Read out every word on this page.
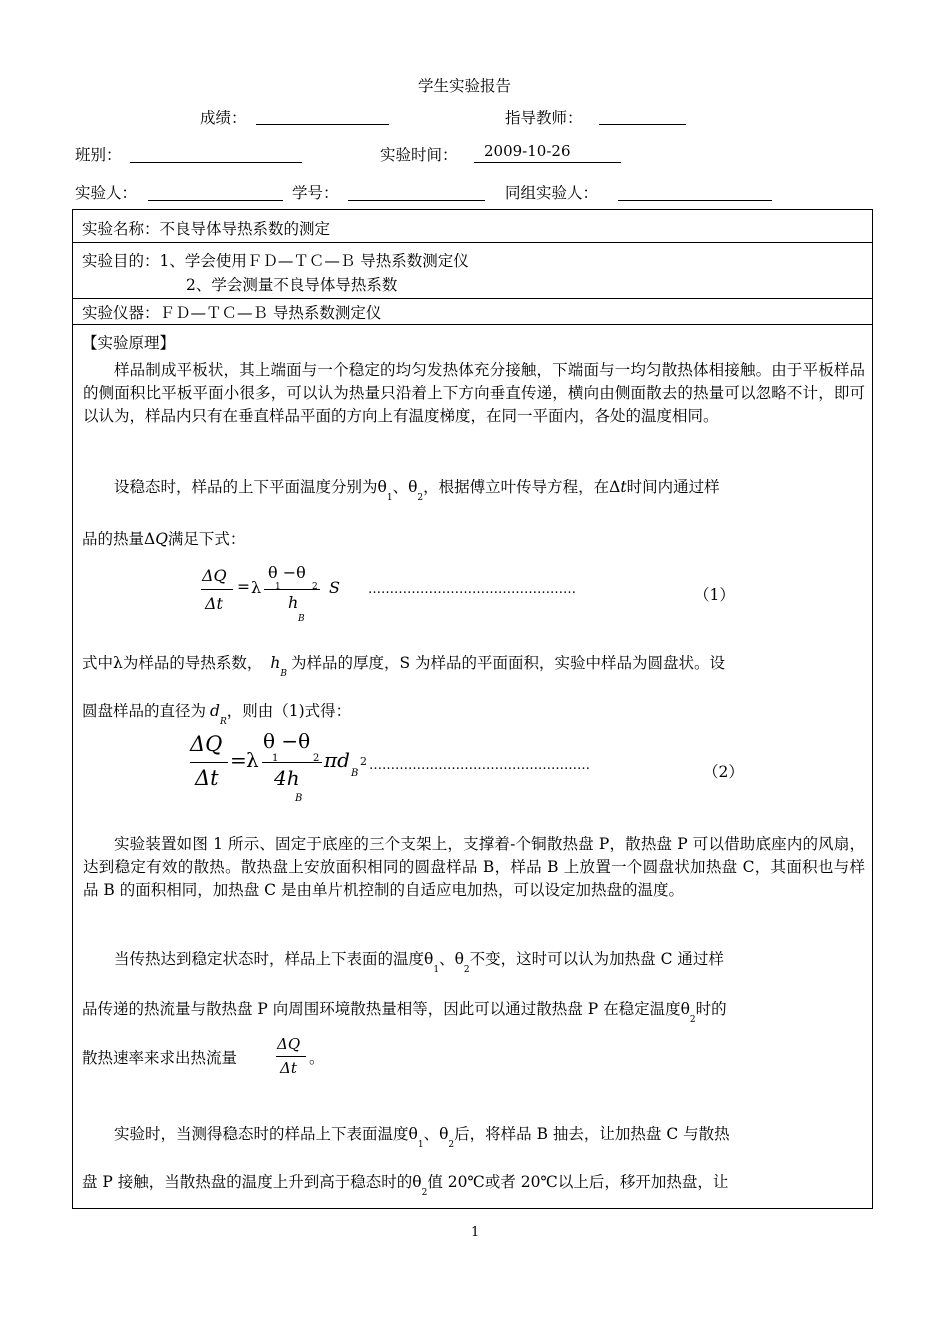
学生实验报告
成绩：	指导教师：
班别：	实验时间：	2009-10-26
实验人：	学号：	同组实验人：
实验名称：不良导体导热系数的测定
实验目的：1、学会使用ＦＤ—ＴＣ—Ｂ 导热系数测定仪
2、学会测量不良导体导热系数
实验仪器：ＦＤ—ＴＣ—Ｂ 导热系数测定仪
【实验原理】
样品制成平板状，其上端面与一个稳定的均匀发热体充分接触，下端面与一均匀散热体相接触。由于平板样品的侧面积比平板平面小很多，可以认为热量只沿着上下方向垂直传递，横向由侧面散去的热量可以忽略不计，即可以认为，样品内只有在垂直样品平面的方向上有温度梯度，在同一平面内，各处的温度相同。
设稳态时，样品的上下平面温度分别为$\theta_1$、$\theta_2$，根据傅立叶传导方程，在Δt时间内通过样
品的热量ΔQ满足下式：
ΔQ
Δt
= λ
θ −θ
1	2
h
B
S …………………………………………	（1）
式中λ为样品的导热系数， $h_B$为样品的厚度，S 为样品的平面面积，实验中样品为圆盘状。设
圆盘样品的直径为 $d_R$，则由（1)式得：
ΔQ
Δt
= λ
θ −θ
1	2
4h
B
πd 2
B
……………………………………………	（2）
实验装置如图 1 所示、固定于底座的三个支架上，支撑着-个铜散热盘 P，散热盘 P 可以借助底座内的风扇，达到稳定有效的散热。散热盘上安放面积相同的圆盘样品 B，样品 B 上放置一个圆盘状加热盘 C，其面积也与样品 B 的面积相同，加热盘 C 是由单片机控制的自适应电加热，可以设定加热盘的温度。
当传热达到稳定状态时，样品上下表面的温度$\theta_1$、$\theta_2$不变，这时可以认为加热盘 C 通过样
品传递的热流量与散热盘 P 向周围环境散热量相等，因此可以通过散热盘 P 在稳定温度$\theta_2$时的
散热速率来求出热流量
ΔQ
Δt
。
实验时，当测得稳态时的样品上下表面温度$\theta_1$、$\theta_2$后，将样品 B 抽去，让加热盘 C 与散热
盘 P 接触，当散热盘的温度上升到高于稳态时的$\theta_2$值 20℃或者 20℃以上后，移开加热盘，让
1
